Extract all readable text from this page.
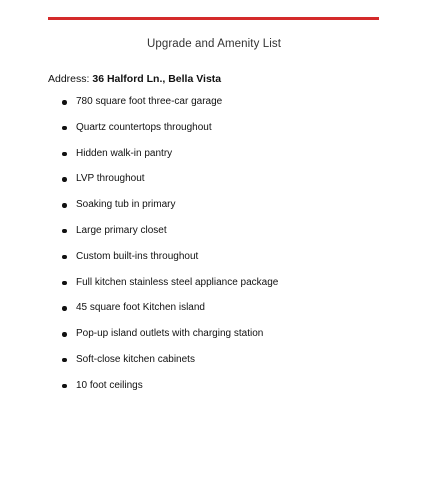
Upgrade and Amenity List
Address: 36 Halford Ln., Bella Vista
780 square foot three-car garage
Quartz countertops throughout
Hidden walk-in pantry
LVP throughout
Soaking tub in primary
Large primary closet
Custom built-ins throughout
Full kitchen stainless steel appliance package
45 square foot Kitchen island
Pop-up island outlets with charging station
Soft-close kitchen cabinets
10 foot ceilings
